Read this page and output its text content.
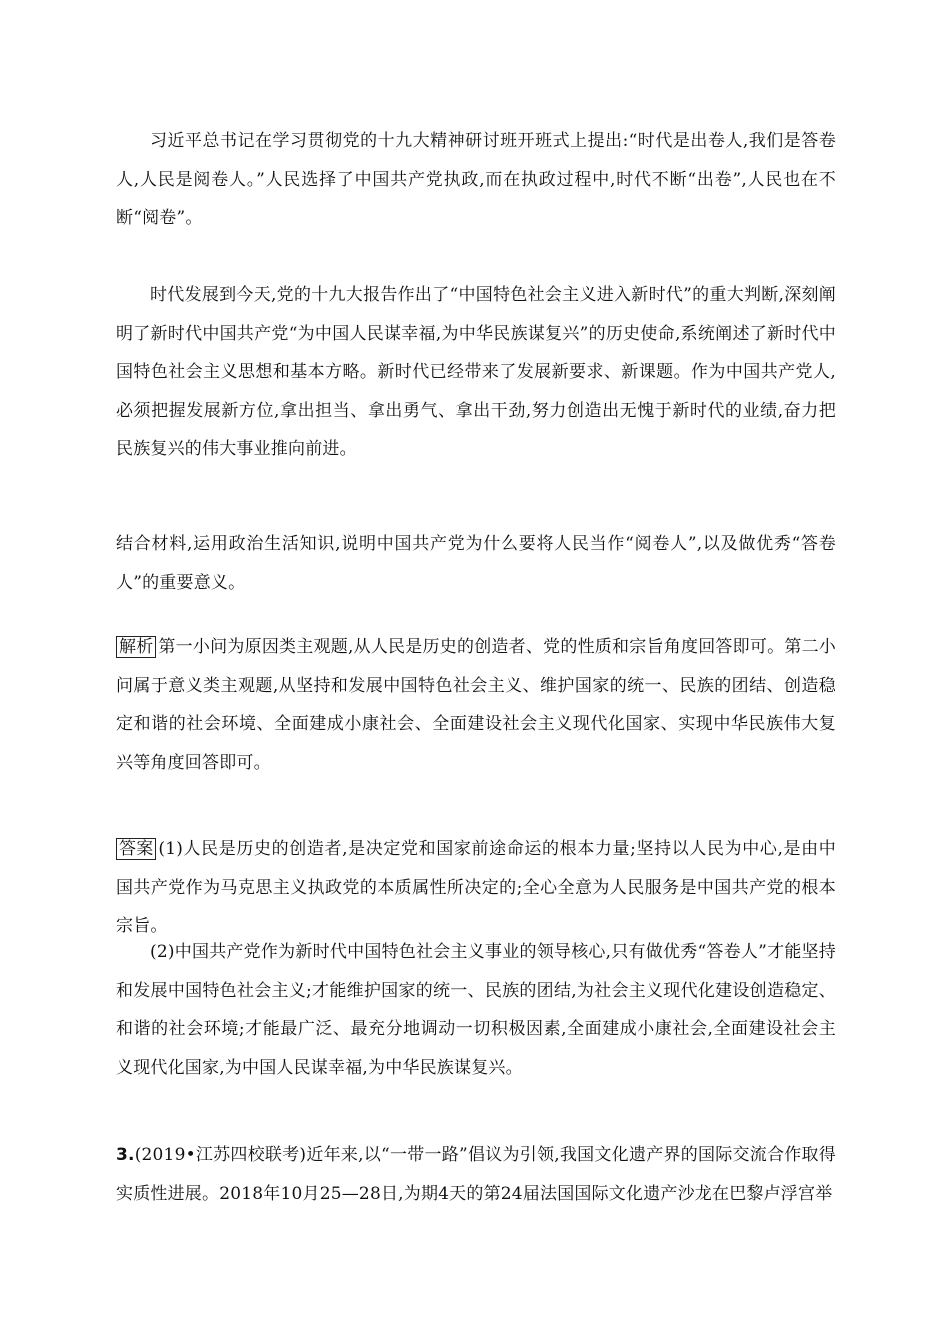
习近平总书记在学习贯彻党的十九大精神研讨班开班式上提出:“时代是出卷人,我们是答卷人,人民是阅卷人。”人民选择了中国共产党执政,而在执政过程中,时代不断“出卷”,人民也在不断“阅卷”。

时代发展到今天,党的十九大报告作出了“中国特色社会主义进入新时代”的重大判断,深刻阐明了新时代中国共产党“为中国人民谋幸福,为中华民族谋复兴”的历史使命,系统阐述了新时代中国特色社会主义思想和基本方略。新时代已经带来了发展新要求、新课题。作为中国共产党人,必须把握发展新方位,拿出担当、拿出勇气、拿出干劲,努力创造出无愧于新时代的业绩,奋力把民族复兴的伟大事业推向前进。

结合材料,运用政治生活知识,说明中国共产党为什么要将人民当作“阅卷人”,以及做优秀“答卷人”的重要意义。

解析 第一小问为原因类主观题,从人民是历史的创造者、党的性质和宗旨角度回答即可。第二小问属于意义类主观题,从坚持和发展中国特色社会主义、维护国家的统一、民族的团结、创造稳定和谐的社会环境、全面建成小康社会、全面建设社会主义现代化国家、实现中华民族伟大复兴等角度回答即可。

答案 (1)人民是历史的创造者,是决定党和国家前途命运的根本力量;坚持以人民为中心,是由中国共产党作为马克思主义执政党的本质属性所决定的;全心全意为人民服务是中国共产党的根本宗旨。

(2)中国共产党作为新时代中国特色社会主义事业的领导核心,只有做优秀“答卷人”才能坚持和发展中国特色社会主义;才能维护国家的统一、民族的团结,为社会主义现代化建设创造稳定、和谐的社会环境;才能最广泛、最充分地调动一切积极因素,全面建成小康社会,全面建设社会主义现代化国家,为中国人民谋幸福,为中华民族谋复兴。

3.(2019•江苏四校联考)近年来,以“一带一路”倡议为引领,我国文化遗产界的国际交流合作取得实质性进展。2018年10月25—28日,为期4天的第24届法国国际文化遗产沙龙在巴黎卢浮宫举
